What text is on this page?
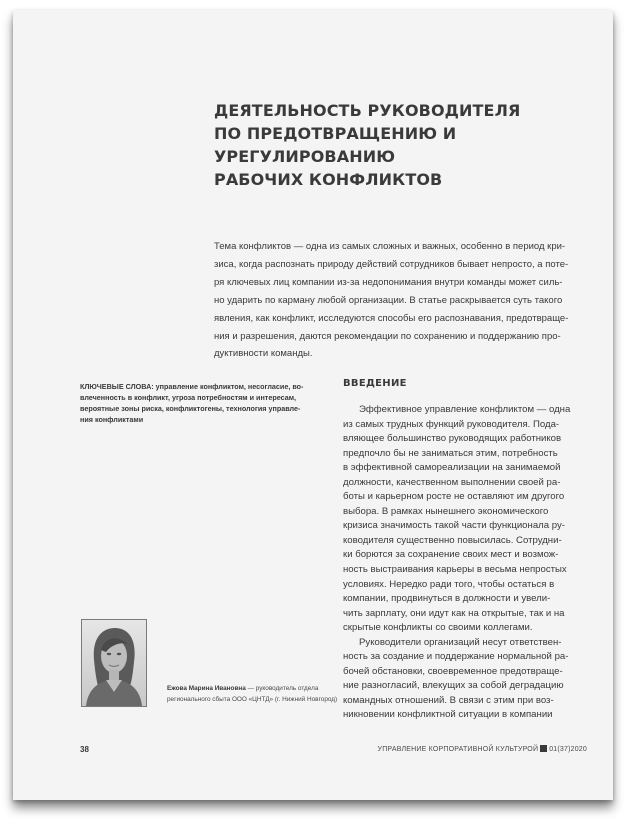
ДЕЯТЕЛЬНОСТЬ РУКОВОДИТЕЛЯ
ПО ПРЕДОТВРАЩЕНИЮ И УРЕГУЛИРОВАНИЮ
РАБОЧИХ КОНФЛИКТОВ
Тема конфликтов — одна из самых сложных и важных, особенно в период кри-
зиса, когда распознать природу действий сотрудников бывает непросто, а поте-
ря ключевых лиц компании из-за недопонимания внутри команды может силь-
но ударить по карману любой организации. В статье раскрывается суть такого
явления, как конфликт, исследуются способы его распознавания, предотвраще-
ния и разрешения, даются рекомендации по сохранению и поддержанию про-
дуктивности команды.
КЛЮЧЕВЫЕ СЛОВА: управление конфликтом, несогласие, во-
влеченность в конфликт, угроза потребностям и интересам,
вероятные зоны риска, конфликтогены, технология управле-
ния конфликтами
Ежова Марина Ивановна — руководитель отдела
регионального сбыта ООО «ЦНТД» (г. Нижний Новгород)
ВВЕДЕНИЕ
Эффективное управление конфликтом — одна
из самых трудных функций руководителя. Пода-
вляющее большинство руководящих работников
предпочло бы не заниматься этим, потребность
в эффективной самореализации на занимаемой
должности, качественном выполнении своей ра-
боты и карьерном росте не оставляют им другого
выбора. В рамках нынешнего экономического
кризиса значимость такой части функционала ру-
ководителя существенно повысилась. Сотрудни-
ки борются за сохранение своих мест и возмож-
ность выстраивания карьеры в весьма непростых
условиях. Нередко ради того, чтобы остаться в
компании, продвинуться в должности и увели-
чить зарплату, они идут как на открытые, так и на
скрытые конфликты со своими коллегами.
Руководители организаций несут ответствен-
ность за создание и поддержание нормальной ра-
бочей обстановки, своевременное предотвраще-
ние разногласий, влекущих за собой деградацию
командных отношений. В связи с этим при воз-
никновении конфликтной ситуации в компании
38	УПРАВЛЕНИЕ КОРПОРАТИВНОЙ КУЛЬТУРОЙ 01(37)2020
